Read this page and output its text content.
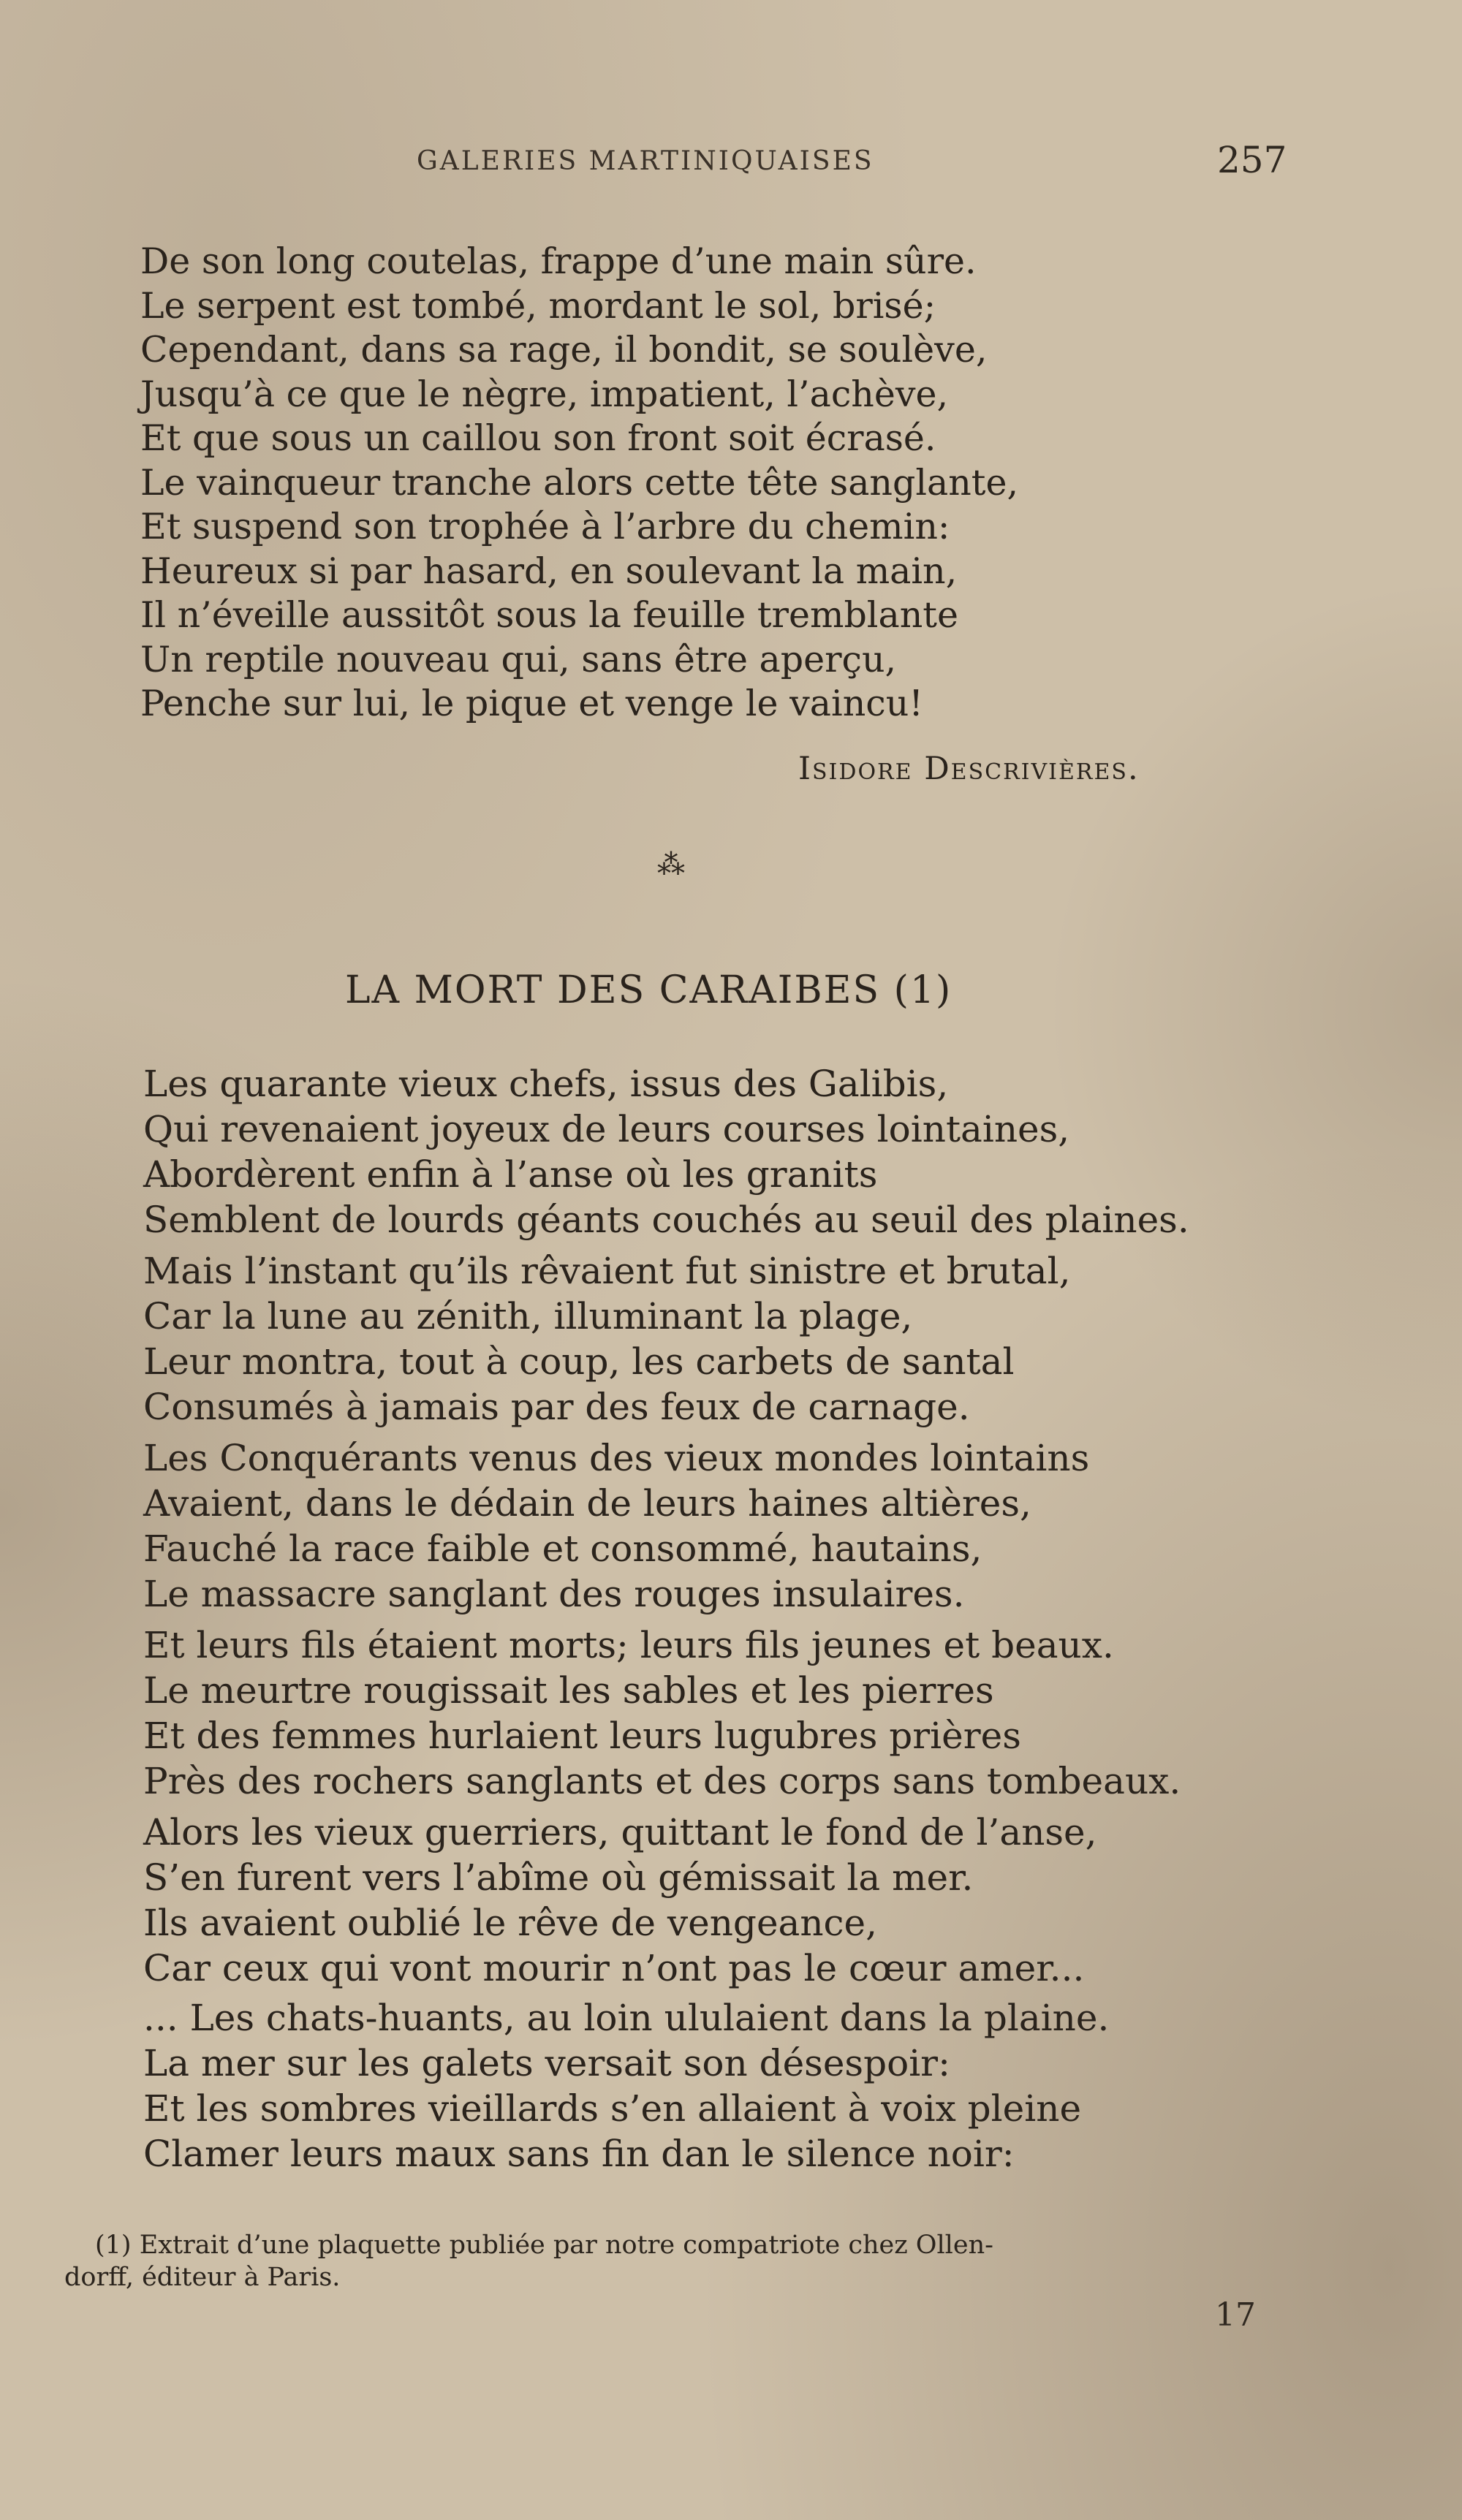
GALERIES MARTINIQUAISES	257
De son long coutelas, frappe d’une main sûre.
Le serpent est tombé, mordant le sol, brisé;
Cependant, dans sa rage, il bondit, se soulève,
Jusqu’à ce que le nègre, impatient, l’achève,
Et que sous un caillou son front soit écrasé.
Le vainqueur tranche alors cette tête sanglante,
Et suspend son trophée à l’arbre du chemin:
Heureux si par hasard, en soulevant la main,
Il n’éveille aussitôt sous la feuille tremblante
Un reptile nouveau qui, sans être aperçu,
Penche sur lui, le pique et venge le vaincu!
Isidore Descrivières.
⁂
LA MORT DES CARAIBES (1)
Les quarante vieux chefs, issus des Galibis,
Qui revenaient joyeux de leurs courses lointaines,
Abordèrent enfin à l’anse où les granits
Semblent de lourds géants couchés au seuil des plaines.
Mais l’instant qu’ils rêvaient fut sinistre et brutal,
Car la lune au zénith, illuminant la plage,
Leur montra, tout à coup, les carbets de santal
Consumés à jamais par des feux de carnage.
Les Conquérants venus des vieux mondes lointains
Avaient, dans le dédain de leurs haines altières,
Fauché la race faible et consommé, hautains,
Le massacre sanglant des rouges insulaires.
Et leurs fils étaient morts; leurs fils jeunes et beaux.
Le meurtre rougissait les sables et les pierres
Et des femmes hurlaient leurs lugubres prières
Près des rochers sanglants et des corps sans tombeaux.
Alors les vieux guerriers, quittant le fond de l’anse,
S’en furent vers l’abîme où gémissait la mer.
Ils avaient oublié le rêve de vengeance,
Car ceux qui vont mourir n’ont pas le cœur amer...
... Les chats-huants, au loin ululaient dans la plaine.
La mer sur les galets versait son désespoir:
Et les sombres vieillards s’en allaient à voix pleine
Clamer leurs maux sans fin dan le silence noir:
(1) Extrait d’une plaquette publiée par notre compatriote chez Ollen-
dorff, éditeur à Paris.
17
